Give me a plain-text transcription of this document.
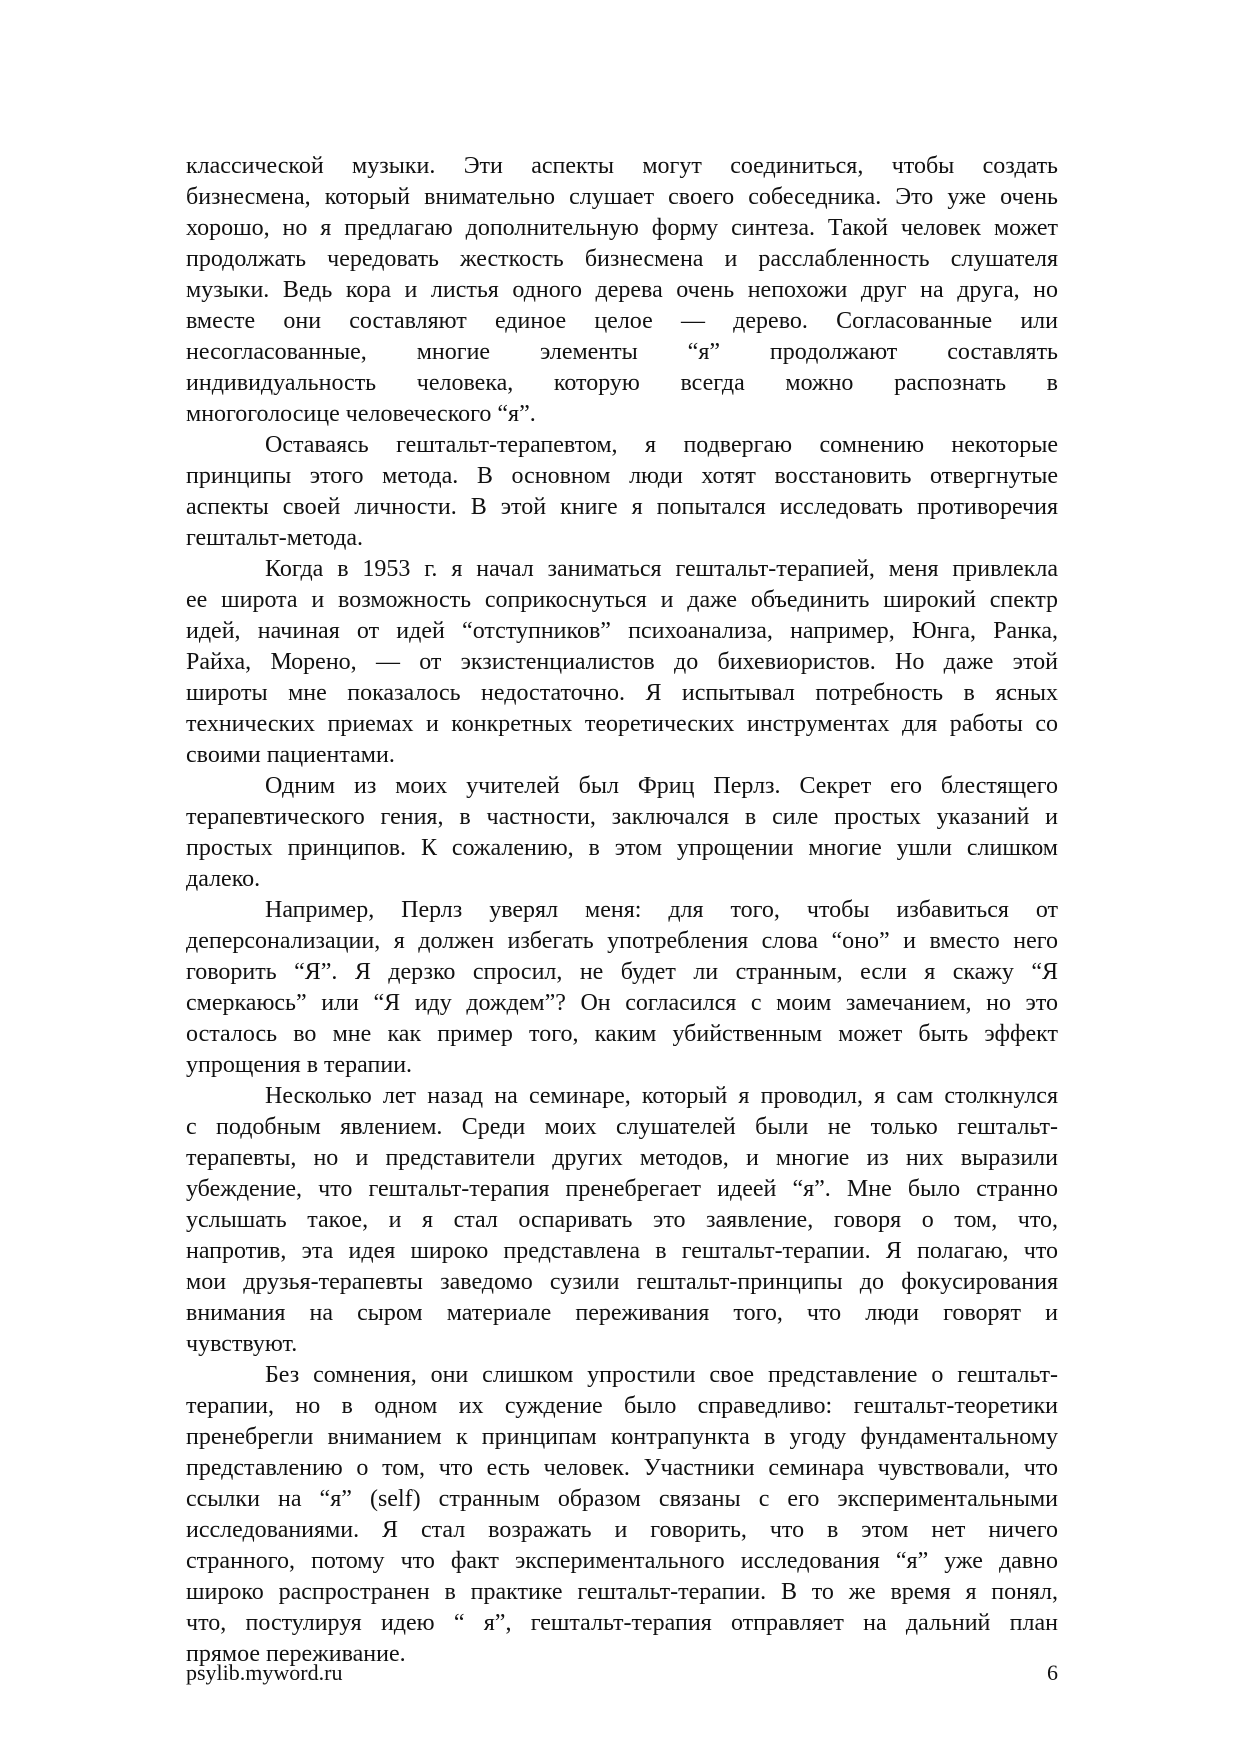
классической музыки. Эти аспекты могут соединиться, чтобы создать
бизнесмена, который внимательно слушает своего собеседника. Это уже очень
хорошо, но я предлагаю дополнительную форму синтеза. Такой человек может
продолжать чередовать жесткость бизнесмена и расслабленность слушателя
музыки. Ведь кора и листья одного дерева очень непохожи друг на друга, но
вместе они составляют единое целое — дерево. Согласованные или
несогласованные, многие элементы “я” продолжают составлять
индивидуальность человека, которую всегда можно распознать в
многоголосице человеческого “я”.
Оставаясь гештальт-терапевтом, я подвергаю сомнению некоторые
принципы этого метода. В основном люди хотят восстановить отвергнутые
аспекты своей личности. В этой книге я попытался исследовать противоречия
гештальт-метода.
Когда в 1953 г. я начал заниматься гештальт-терапией, меня привлекла
ее широта и возможность соприкоснуться и даже объединить широкий спектр
идей, начиная от идей “отступников” психоанализа, например, Юнга, Ранка,
Райха, Морено, — от экзистенциалистов до бихевиористов. Но даже этой
широты мне показалось недостаточно. Я испытывал потребность в ясных
технических приемах и конкретных теоретических инструментах для работы со
своими пациентами.
Одним из моих учителей был Фриц Перлз. Секрет его блестящего
терапевтического гения, в частности, заключался в силе простых указаний и
простых принципов. К сожалению, в этом упрощении многие ушли слишком
далеко.
Например, Перлз уверял меня: для того, чтобы избавиться от
деперсонализации, я должен избегать употребления слова “оно” и вместо него
говорить “Я”. Я дерзко спросил, не будет ли странным, если я скажу “Я
смеркаюсь” или “Я иду дождем”? Он согласился с моим замечанием, но это
осталось во мне как пример того, каким убийственным может быть эффект
упрощения в терапии.
Несколько лет назад на семинаре, который я проводил, я сам столкнулся
с подобным явлением. Среди моих слушателей были не только гештальт-
терапевты, но и представители других методов, и многие из них выразили
убеждение, что гештальт-терапия пренебрегает идеей “я”. Мне было странно
услышать такое, и я стал оспаривать это заявление, говоря о том, что,
напротив, эта идея широко представлена в гештальт-терапии. Я полагаю, что
мои друзья-терапевты заведомо сузили гештальт-принципы до фокусирования
внимания на сыром материале переживания того, что люди говорят и
чувствуют.
Без сомнения, они слишком упростили свое представление о гештальт-
терапии, но в одном их суждение было справедливо: гештальт-теоретики
пренебрегли вниманием к принципам контрапункта в угоду фундаментальному
представлению о том, что есть человек. Участники семинара чувствовали, что
ссылки на “я” (self) странным образом связаны с его экспериментальными
исследованиями. Я стал возражать и говорить, что в этом нет ничего
странного, потому что факт экспериментального исследования “я” уже давно
широко распространен в практике гештальт-терапии. В то же время я понял,
что, постулируя идею “ я”, гештальт-терапия отправляет на дальний план
прямое переживание.
psylib.myword.ru	6
